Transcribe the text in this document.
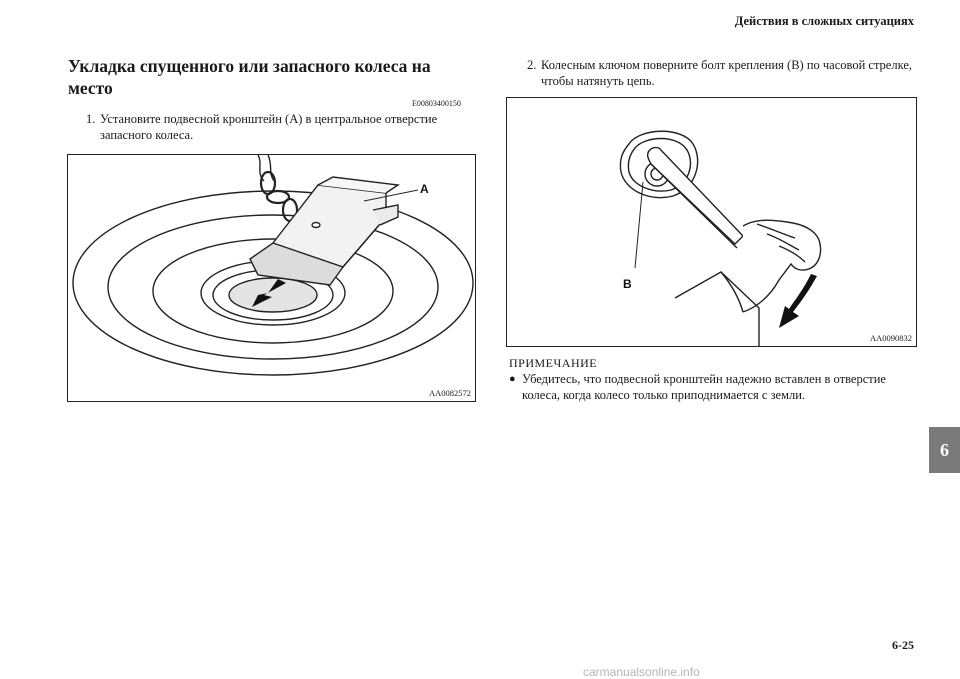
Действия в сложных ситуациях
Укладка спущенного или запасного колеса на место
E00803400150
1. Установите подвесной кронштейн (A) в центральное отверстие запасного колеса.
A
AA0082572
2. Колесным ключом поверните болт крепления (B) по часовой стрелке, чтобы натянуть цепь.
B
AA0090832
ПРИМЕЧАНИЕ
● Убедитесь, что подвесной кронштейн надежно вставлен в отверстие колеса, когда колесо только приподнимается с земли.
6
6-25
carmanualsonline.info
